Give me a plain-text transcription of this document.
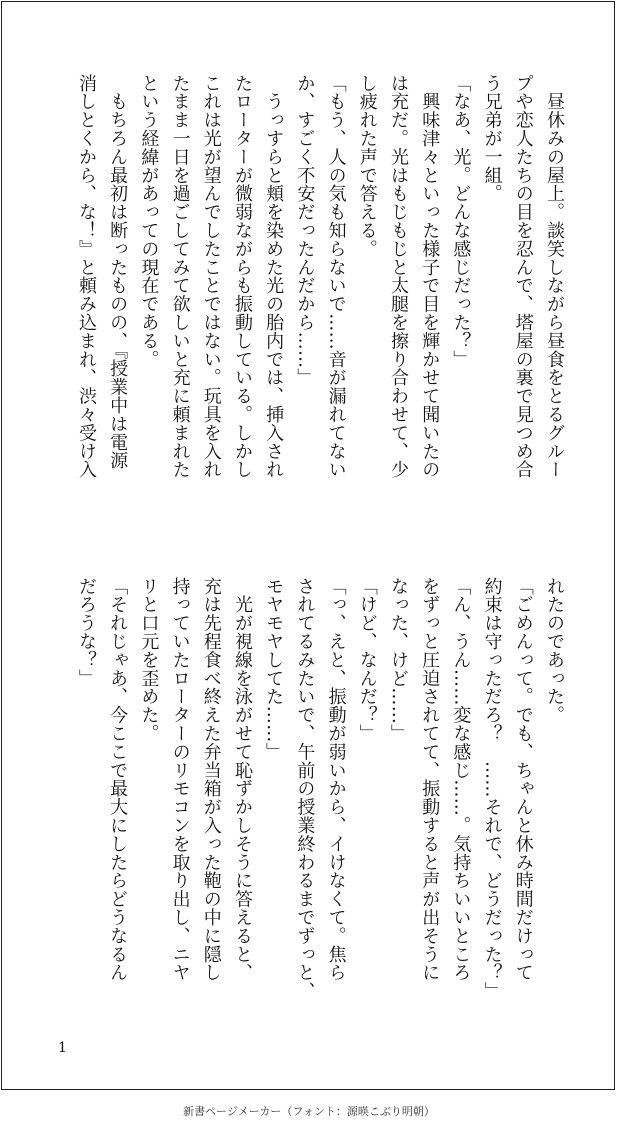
　昼休みの屋上。談笑しながら昼食をとるグルー
プや恋人たちの目を忍んで、塔屋の裏で見つめ合
う兄弟が一組。
「なあ、光。どんな感じだった？」
　興味津々といった様子で目を輝かせて聞いたの
は充だ。光はもじもじと太腿を擦り合わせて、少
し疲れた声で答える。
「もう、人の気も知らないで……音が漏れてない
か、すごく不安だったんだから……」
　うっすらと頬を染めた光の胎内では、挿入され
たローターが微弱ながらも振動している。しかし
これは光が望んでしたことではない。玩具を入れ
たまま一日を過ごしてみて欲しいと充に頼まれた
という経緯があっての現在である。
　もちろん最初は断ったものの、『授業中は電源
消しとくから、な！』と頼み込まれ、渋々受け入
れたのであった。
「ごめんって。でも、ちゃんと休み時間だけって
約束は守っただろ？　……それで、どうだった？」
「ん、うん……変な感じ……。気持ちいいところ
をずっと圧迫されてて、振動すると声が出そうに
なった、けど……」
「けど、なんだ？」
「っ、えと、振動が弱いから、イけなくて。焦ら
されてるみたいで、午前の授業終わるまでずっと、
モヤモヤしてた……」
　光が視線を泳がせて恥ずかしそうに答えると、
充は先程食べ終えた弁当箱が入った鞄の中に隠し
持っていたローターのリモコンを取り出し、ニヤ
リと口元を歪めた。
「それじゃあ、今ここで最大にしたらどうなるん
だろうな？」
1
新書ページメーカー（フォント：源暎こぶり明朝）
